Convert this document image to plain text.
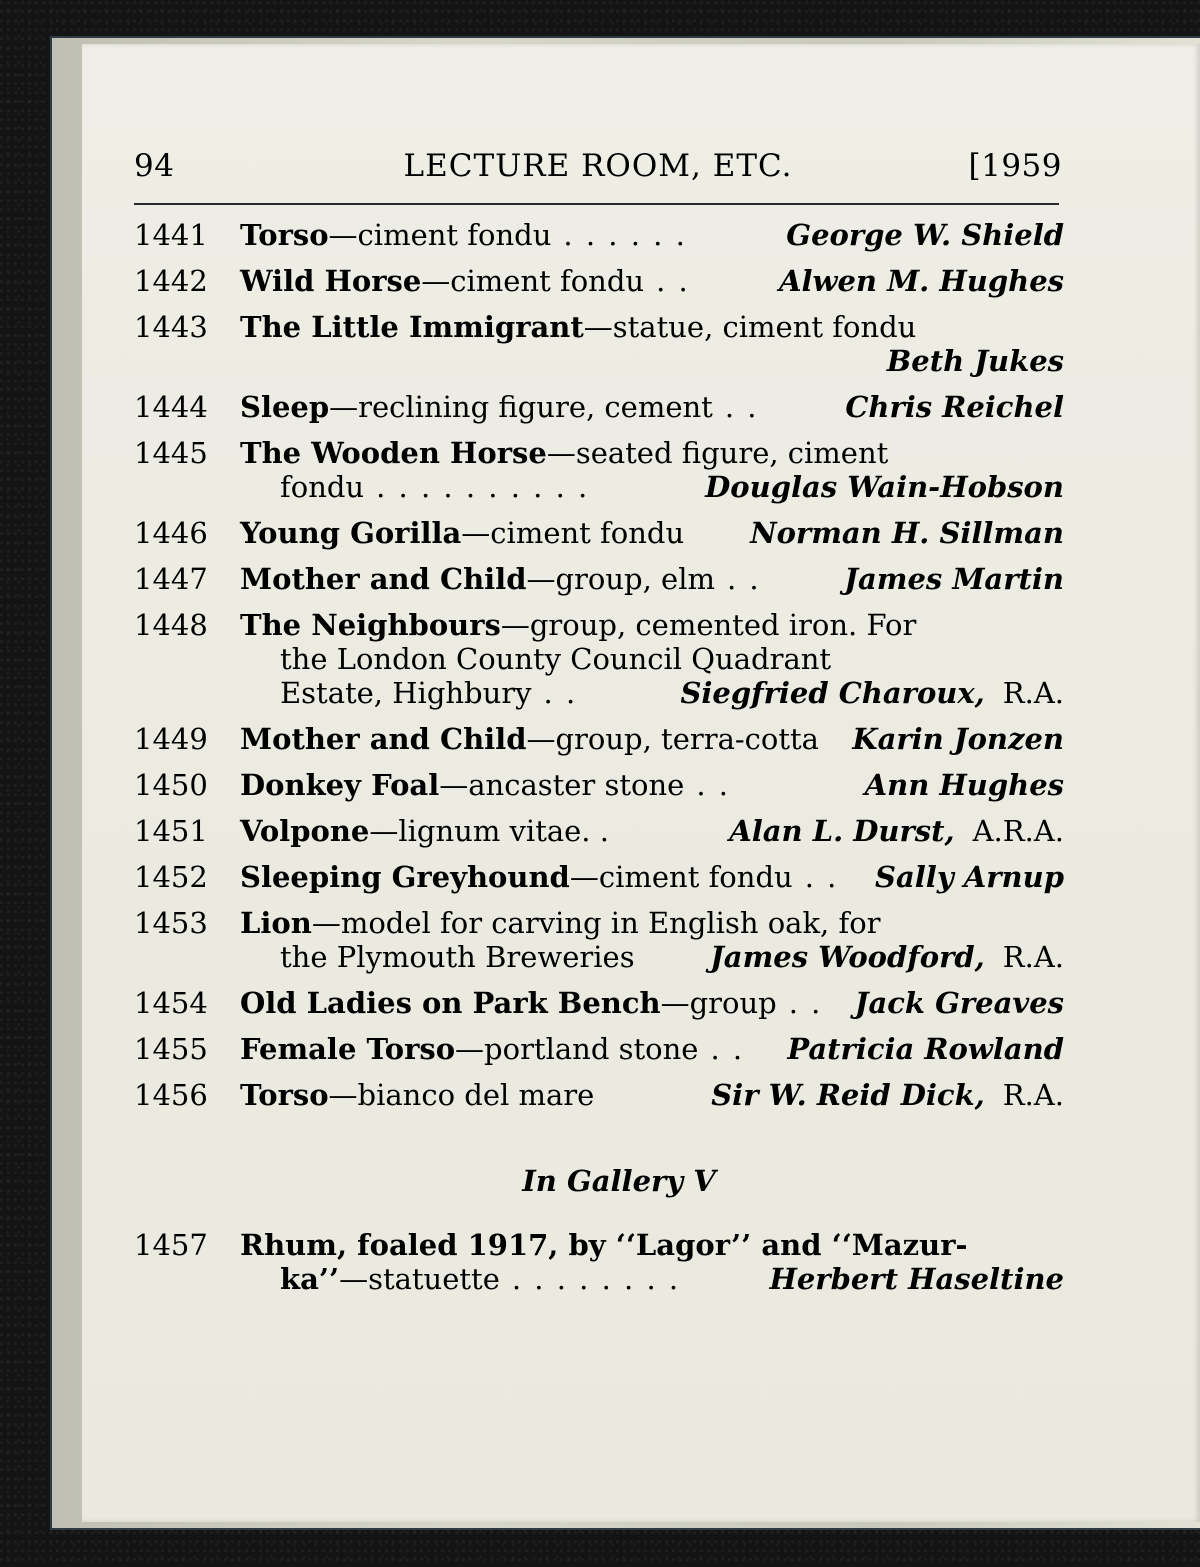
94	LECTURE ROOM, ETC.	[1959
1441	Torso —ciment fondu . . . . . .	George W. Shield
1442	Wild Horse —ciment fondu . .	Alwen M. Hughes
1443	The Little Immigrant —statue, ciment fondu
Beth Jukes
1444	Sleep —reclining figure, cement . .	Chris Reichel
1445	The Wooden Horse —seated figure, ciment
fondu . . . . . . . . . .	Douglas Wain-Hobson
1446	Young Gorilla —ciment fondu Norman H. Sillman
1447	Mother and Child —group, elm . .	James Martin
1448	The Neighbours —group, cemented iron. For
the London County Council Quadrant
Estate, Highbury . .	Siegfried Charoux, R.A.
1449	Mother and Child —group, terra-cotta Karin Jonzen
1450	Donkey Foal —ancaster stone . .	Ann Hughes
1451	Volpone —lignum vitae. .	Alan L. Durst, A.R.A.
1452	Sleeping Greyhound —ciment fondu . . Sally Arnup
1453	Lion —model for carving in English oak, for
the Plymouth Breweries	James Woodford, R.A.
1454	Old Ladies on Park Bench —group . . Jack Greaves
1455	Female Torso —portland stone . . Patricia Rowland
1456	Torso —bianco del mare	Sir W. Reid Dick, R.A.
In Gallery V
1457	Rhum, foaled 1917, by ‘‘Lagor’’ and ‘‘Mazur-
ka’’ —statuette . . . . . . . .	Herbert Haseltine
